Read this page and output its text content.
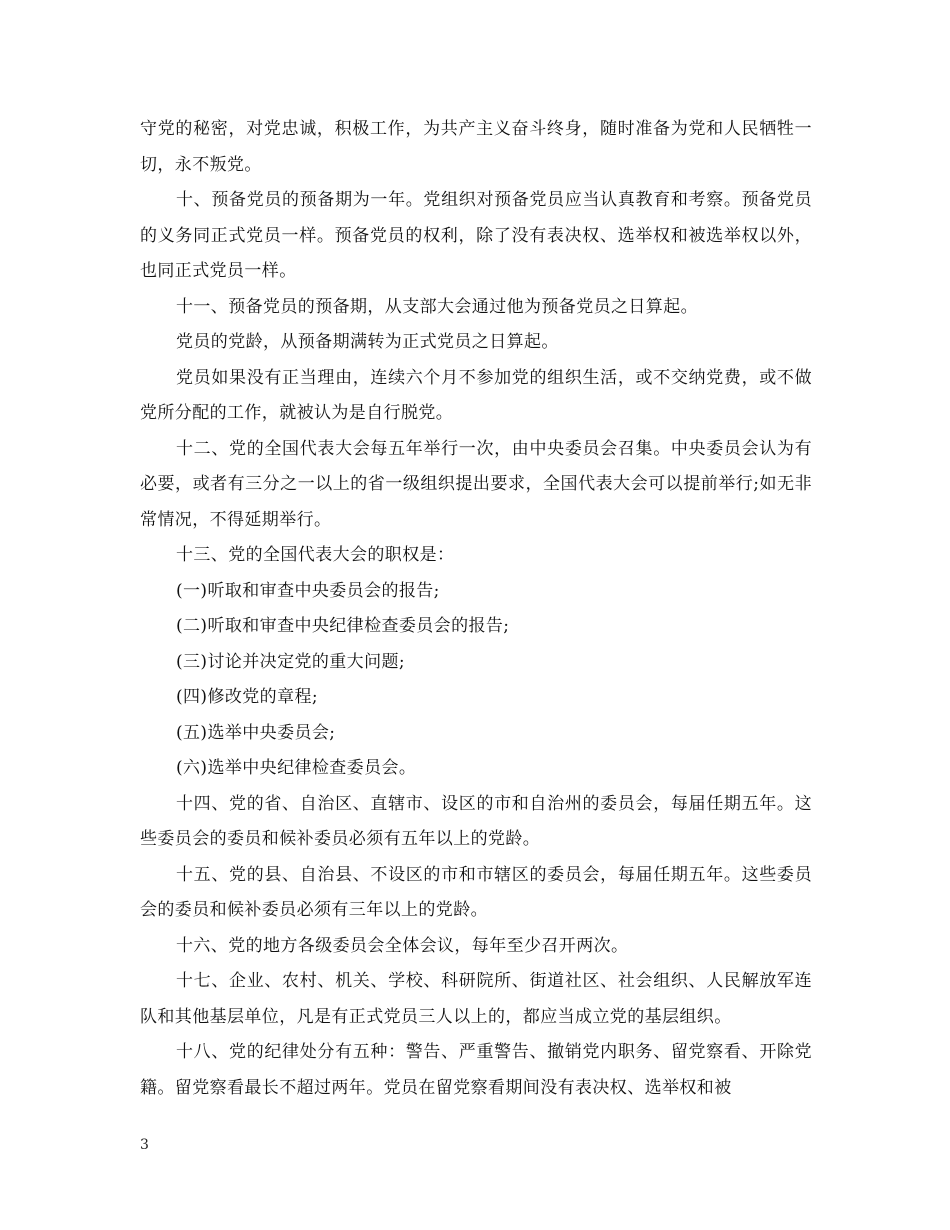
守党的秘密，对党忠诚，积极工作，为共产主义奋斗终身，随时准备为党和人民牺牲一切，永不叛党。

十、预备党员的预备期为一年。党组织对预备党员应当认真教育和考察。预备党员的义务同正式党员一样。预备党员的权利，除了没有表决权、选举权和被选举权以外，也同正式党员一样。

十一、预备党员的预备期，从支部大会通过他为预备党员之日算起。

党员的党龄，从预备期满转为正式党员之日算起。

党员如果没有正当理由，连续六个月不参加党的组织生活，或不交纳党费，或不做党所分配的工作，就被认为是自行脱党。

十二、党的全国代表大会每五年举行一次，由中央委员会召集。中央委员会认为有必要，或者有三分之一以上的省一级组织提出要求，全国代表大会可以提前举行;如无非常情况，不得延期举行。

十三、党的全国代表大会的职权是：

(一)听取和审查中央委员会的报告;

(二)听取和审查中央纪律检查委员会的报告;

(三)讨论并决定党的重大问题;

(四)修改党的章程;

(五)选举中央委员会;

(六)选举中央纪律检查委员会。

十四、党的省、自治区、直辖市、设区的市和自治州的委员会，每届任期五年。这些委员会的委员和候补委员必须有五年以上的党龄。

十五、党的县、自治县、不设区的市和市辖区的委员会，每届任期五年。这些委员会的委员和候补委员必须有三年以上的党龄。

十六、党的地方各级委员会全体会议，每年至少召开两次。

十七、企业、农村、机关、学校、科研院所、街道社区、社会组织、人民解放军连队和其他基层单位，凡是有正式党员三人以上的，都应当成立党的基层组织。

十八、党的纪律处分有五种：警告、严重警告、撤销党内职务、留党察看、开除党籍。留党察看最长不超过两年。党员在留党察看期间没有表决权、选举权和被

3
